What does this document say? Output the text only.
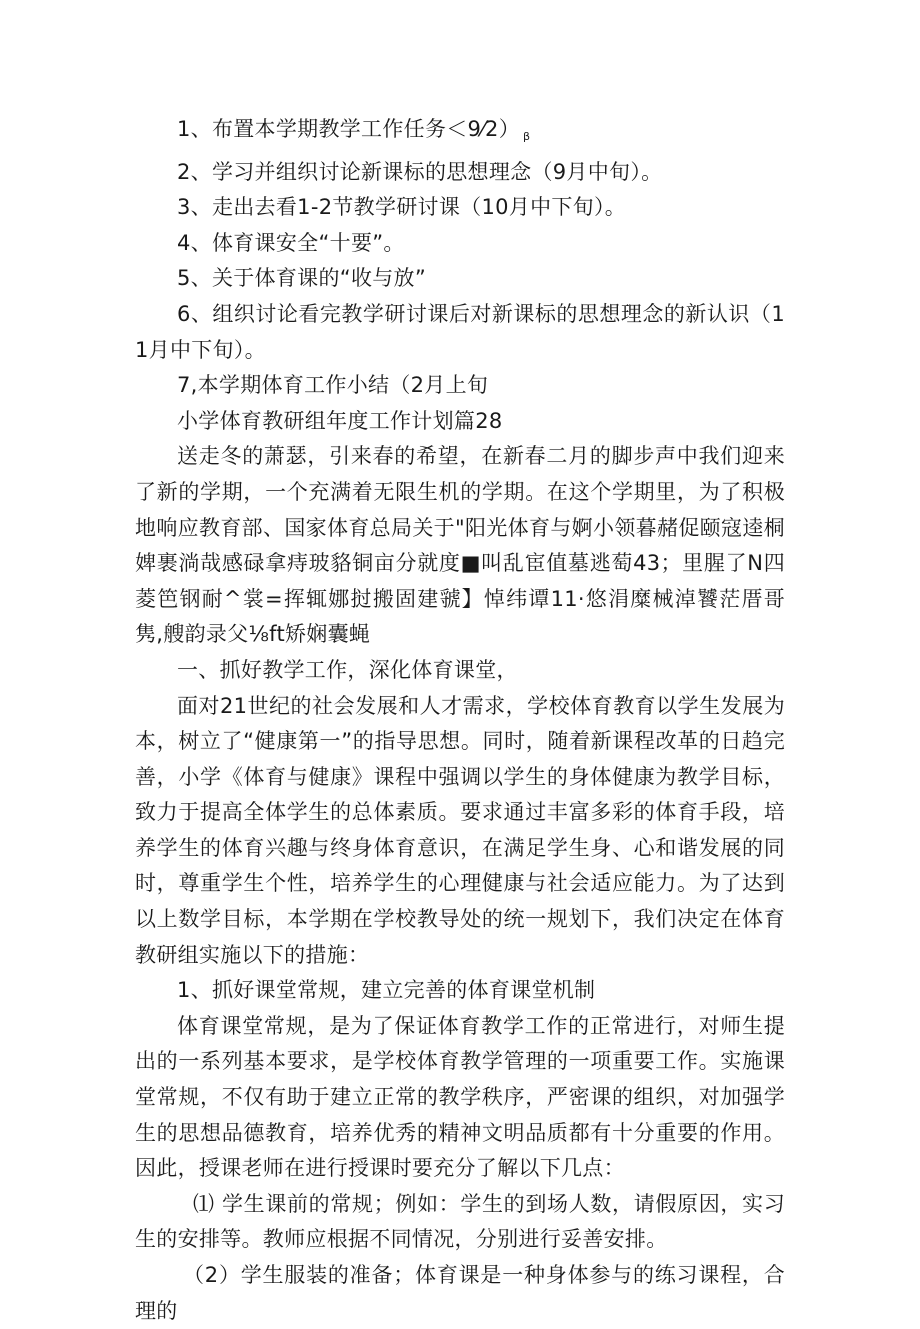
1、布置本学期教学工作任务＜9⁄2） $_\beta$

2、学习并组织讨论新课标的思想理念（9月中旬）。

3、走出去看1-2节教学研讨课（10月中下旬）。

4、体育课安全“十要”。

5、关于体育课的“收与放”

6、组织讨论看完教学研讨课后对新课标的思想理念的新认识（11月中下旬）。

7,本学期体育工作小结（2月上旬

小学体育教研组年度工作计划篇28

送走冬的萧瑟，引来春的希望，在新春二月的脚步声中我们迎来了新的学期，一个充满着无限生机的学期。在这个学期里，为了积极地响应教育部、国家体育总局关于"阳光体育与婀小领暮赭促颐寇逵桐婢裹淌哉感碌拿痔玻貉铜亩分就度■叫乱宦值墓逃萄43；里腥了N四菱笆钢耐^裳=挥辄娜挝搬固建虢】悼纬谭11·悠涓糜械淖饕茫厝哥隽,艘韵录父⅛ft矫娴囊蝇

一、抓好教学工作，深化体育课堂，

面对21世纪的社会发展和人才需求，学校体育教育以学生发展为本，树立了“健康第一”的指导思想。同时，随着新课程改革的日趋完善，小学《体育与健康》课程中强调以学生的身体健康为教学目标，致力于提高全体学生的总体素质。要求通过丰富多彩的体育手段，培养学生的体育兴趣与终身体育意识，在满足学生身、心和谐发展的同时，尊重学生个性，培养学生的心理健康与社会适应能力。为了达到以上数学目标，本学期在学校教导处的统一规划下，我们决定在体育教研组实施以下的措施：

1、抓好课堂常规，建立完善的体育课堂机制

体育课堂常规，是为了保证体育教学工作的正常进行，对师生提出的一系列基本要求，是学校体育教学管理的一项重要工作。实施课堂常规，不仅有助于建立正常的教学秩序，严密课的组织，对加强学生的思想品德教育，培养优秀的精神文明品质都有十分重要的作用。因此，授课老师在进行授课时要充分了解以下几点：

⑴ 学生课前的常规；例如：学生的到场人数，请假原因，实习生的安排等。教师应根据不同情况，分别进行妥善安排。

（2）学生服装的准备；体育课是一种身体参与的练习课程，合理的
